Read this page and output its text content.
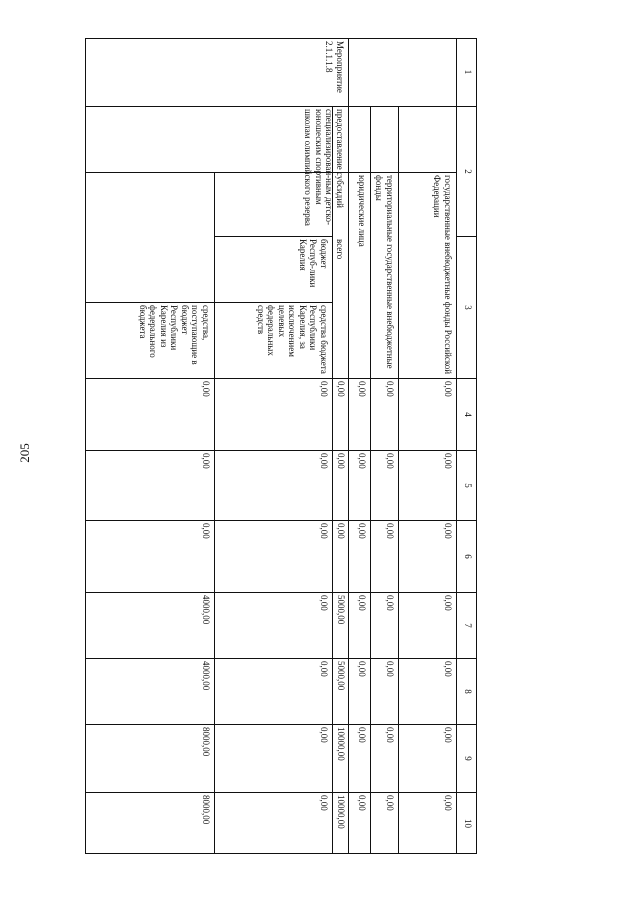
205
1
2
3
4
5
6
7
8
9
10
государственные внебюджетные фонды Российской Федерации
0,00
0,00
0,00
0,00
0,00
0,00
0,00
территориальные государственные внебюджетные фонды
0,00
0,00
0,00
0,00
0,00
0,00
0,00
юридические лица
0,00
0,00
0,00
0,00
0,00
0,00
0,00
Мероприятие 2.1.1.1.8
предоставление субсидий специализирован-ным детско-юношеским спортивным школам олимпийского резерва
всего
0,00
0,00
0,00
5000,00
5000,00
10000,00
10000,00
бюджет Респуб-лики Карелия
средства бюджета Республики Карелия, за исключением целевых федеральных средств
0,00
0,00
0,00
0,00
0,00
0,00
0,00
средства, поступающие в бюджет Республики Карелия из федерального бюджета
0,00
0,00
0,00
4000,00
4000,00
8000,00
8000,00
